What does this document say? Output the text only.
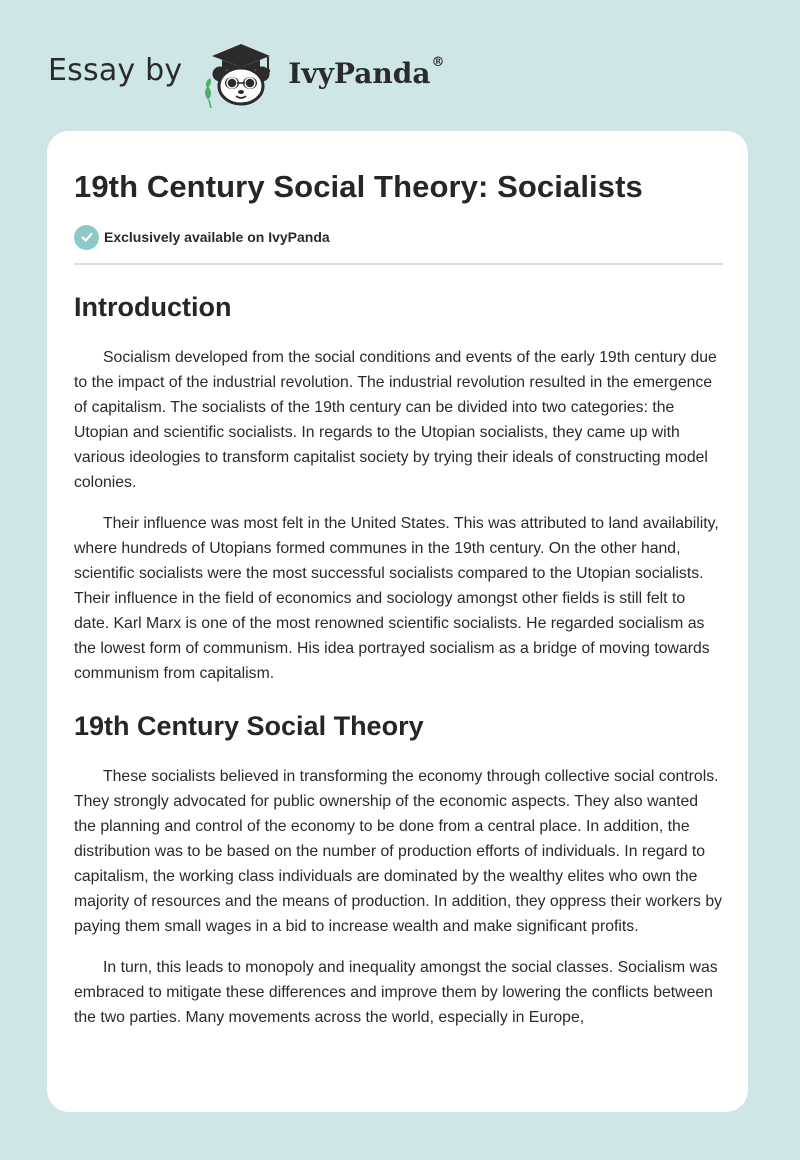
Essay by	IvyPanda®
19th Century Social Theory: Socialists
Exclusively available on IvyPanda
Introduction

Socialism developed from the social conditions and events of the early 19th century due to the impact of the industrial revolution. The industrial revolution resulted in the emergence of capitalism. The socialists of the 19th century can be divided into two categories: the Utopian and scientific socialists. In regards to the Utopian socialists, they came up with various ideologies to transform capitalist society by trying their ideals of constructing model colonies.

Their influence was most felt in the United States. This was attributed to land availability, where hundreds of Utopians formed communes in the 19th century. On the other hand, scientific socialists were the most successful socialists compared to the Utopian socialists. Their influence in the field of economics and sociology amongst other fields is still felt to date. Karl Marx is one of the most renowned scientific socialists. He regarded socialism as the lowest form of communism. His idea portrayed socialism as a bridge of moving towards communism from capitalism.

19th Century Social Theory

These socialists believed in transforming the economy through collective social controls. They strongly advocated for public ownership of the economic aspects. They also wanted the planning and control of the economy to be done from a central place. In addition, the distribution was to be based on the number of production efforts of individuals. In regard to capitalism, the working class individuals are dominated by the wealthy elites who own the majority of resources and the means of production. In addition, they oppress their workers by paying them small wages in a bid to increase wealth and make significant profits.

In turn, this leads to monopoly and inequality amongst the social classes. Socialism was embraced to mitigate these differences and improve them by lowering the conflicts between the two parties. Many movements across the world, especially in Europe,
